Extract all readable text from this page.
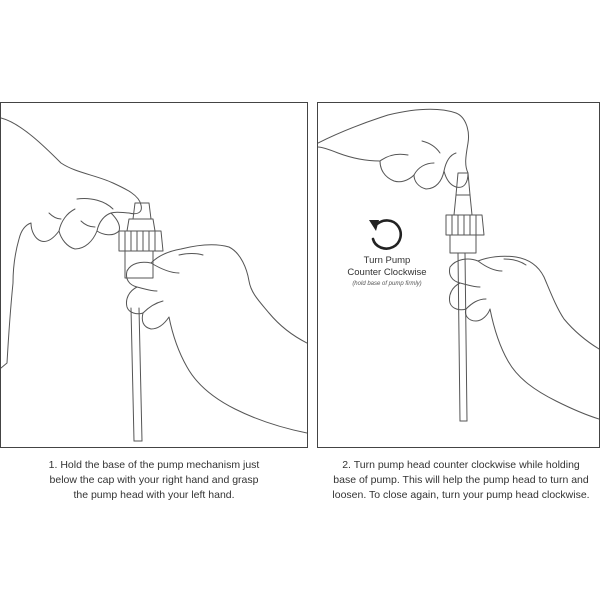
Turn Pump
Counter Clockwise
(hold base of pump firmly)
1. Hold the base of the pump mechanism just
below the cap with your right hand and grasp
the pump head with your left hand.
2. Turn pump head counter clockwise while holding
base of pump. This will help the pump head to turn and
loosen. To close again, turn your pump head clockwise.
